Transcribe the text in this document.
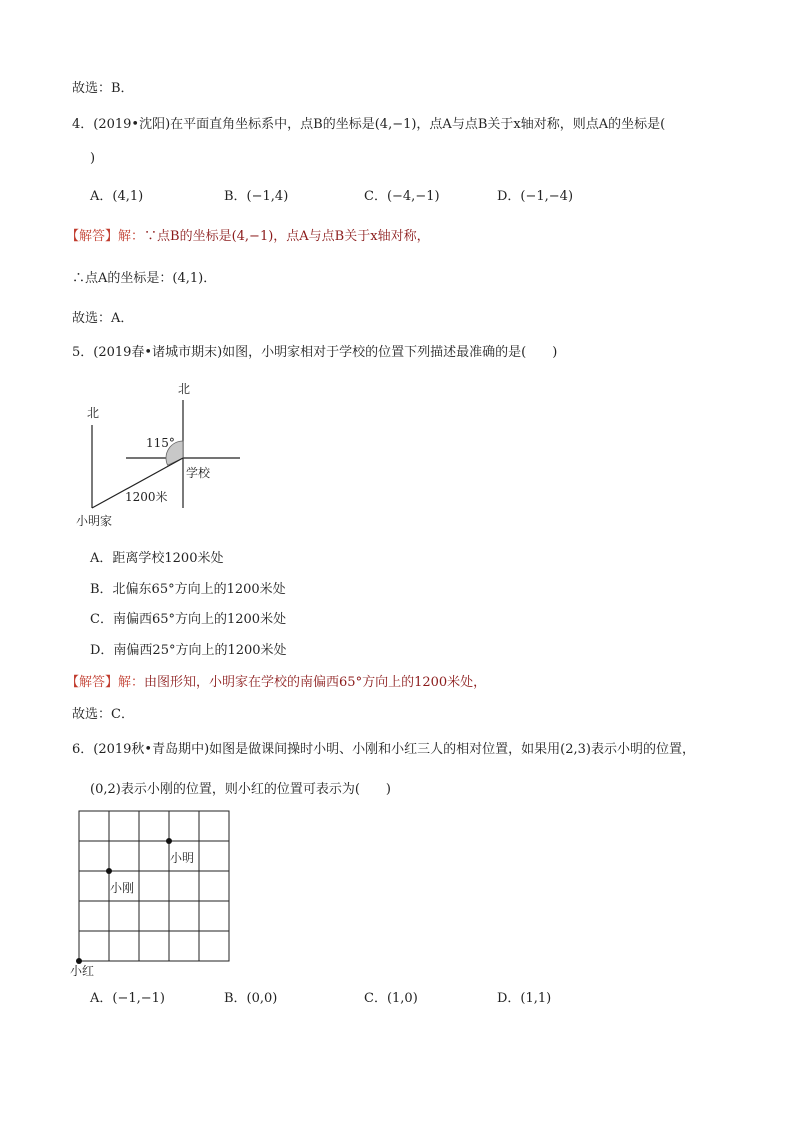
故选：B．
4．(2019•沈阳)在平面直角坐标系中，点B的坐标是(4,−1)，点A与点B关于x轴对称，则点A的坐标是(
)
A．(4,1)	B．(−1,4)	C．(−4,−1)	D．(−1,−4)
【解答】解：∵点B的坐标是(4,−1)，点A与点B关于x轴对称，
∴点A的坐标是：(4,1)．
故选：A．
5．(2019春•诸城市期末)如图，小明家相对于学校的位置下列描述最准确的是(　　)
北
北
115°
学校
1200米
小明家
A．距离学校1200米处
B．北偏东65°方向上的1200米处
C．南偏西65°方向上的1200米处
D．南偏西25°方向上的1200米处
【解答】解：由图形知，小明家在学校的南偏西65°方向上的1200米处，
故选：C．
6．(2019秋•青岛期中)如图是做课间操时小明、小刚和小红三人的相对位置，如果用(2,3)表示小明的位置，
(0,2)表示小刚的位置，则小红的位置可表示为(　　)
小明
小刚
小红
A．(−1,−1)	B．(0,0)	C．(1,0)	D．(1,1)
